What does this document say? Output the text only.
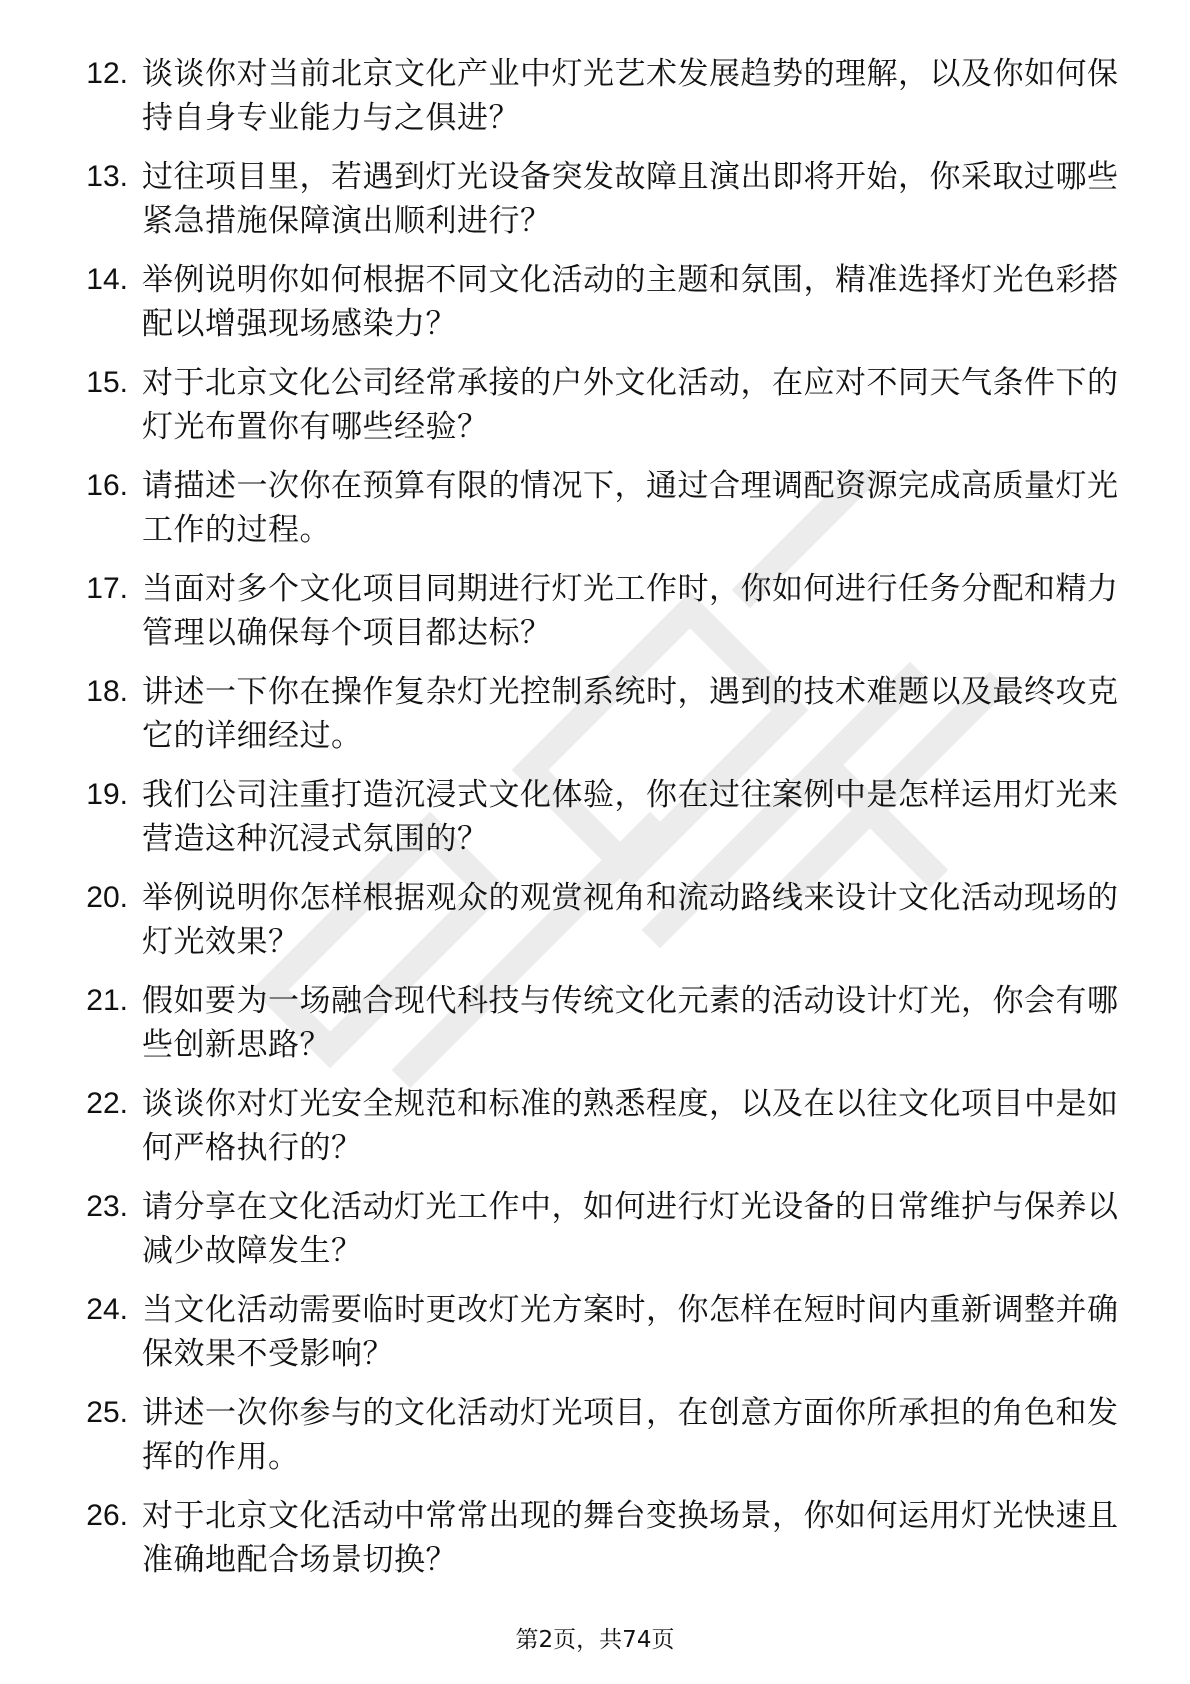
12. 谈谈你对当前北京文化产业中灯光艺术发展趋势的理解，以及你如何保持自身专业能力与之俱进？
13. 过往项目里，若遇到灯光设备突发故障且演出即将开始，你采取过哪些紧急措施保障演出顺利进行？
14. 举例说明你如何根据不同文化活动的主题和氛围，精准选择灯光色彩搭配以增强现场感染力？
15. 对于北京文化公司经常承接的户外文化活动，在应对不同天气条件下的灯光布置你有哪些经验？
16. 请描述一次你在预算有限的情况下，通过合理调配资源完成高质量灯光工作的过程。
17. 当面对多个文化项目同期进行灯光工作时，你如何进行任务分配和精力管理以确保每个项目都达标？
18. 讲述一下你在操作复杂灯光控制系统时，遇到的技术难题以及最终攻克它的详细经过。
19. 我们公司注重打造沉浸式文化体验，你在过往案例中是怎样运用灯光来营造这种沉浸式氛围的？
20. 举例说明你怎样根据观众的观赏视角和流动路线来设计文化活动现场的灯光效果？
21. 假如要为一场融合现代科技与传统文化元素的活动设计灯光，你会有哪些创新思路？
22. 谈谈你对灯光安全规范和标准的熟悉程度，以及在以往文化项目中是如何严格执行的？
23. 请分享在文化活动灯光工作中，如何进行灯光设备的日常维护与保养以减少故障发生？
24. 当文化活动需要临时更改灯光方案时，你怎样在短时间内重新调整并确保效果不受影响？
25. 讲述一次你参与的文化活动灯光项目，在创意方面你所承担的角色和发挥的作用。
26. 对于北京文化活动中常常出现的舞台变换场景，你如何运用灯光快速且准确地配合场景切换？
第2页，共74页
